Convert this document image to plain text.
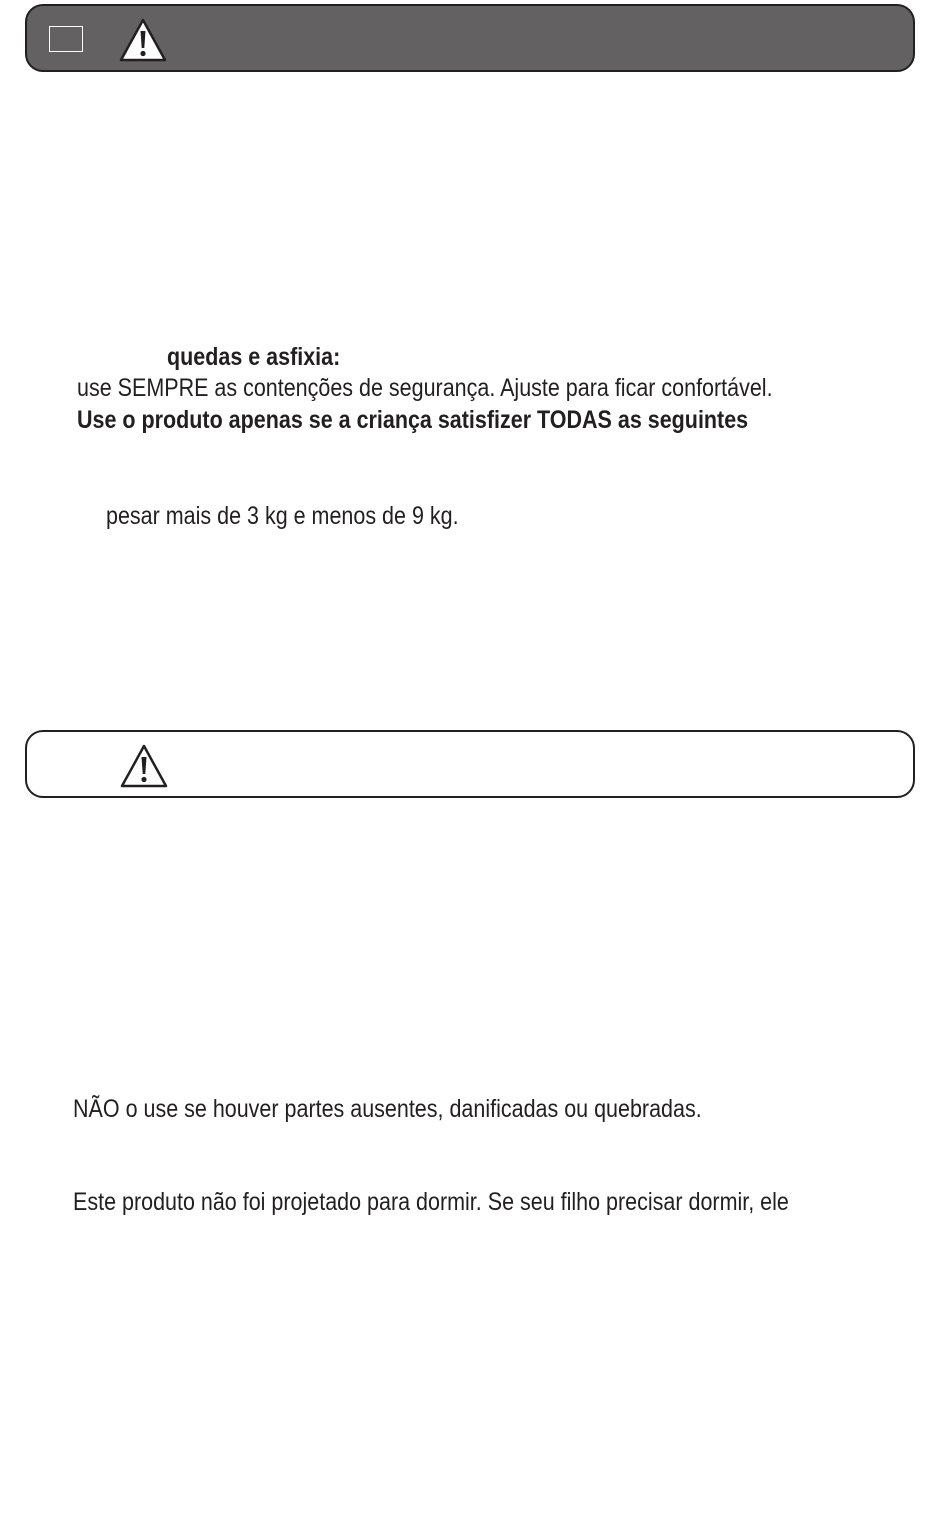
quedas e asfixia:
use SEMPRE as contenções de segurança. Ajuste para ficar confortável.
Use o produto apenas se a criança satisfizer TODAS as seguintes
pesar mais de 3 kg e menos de 9 kg.
NÃO o use se houver partes ausentes, danificadas ou quebradas.
Este produto não foi projetado para dormir. Se seu filho precisar dormir, ele
